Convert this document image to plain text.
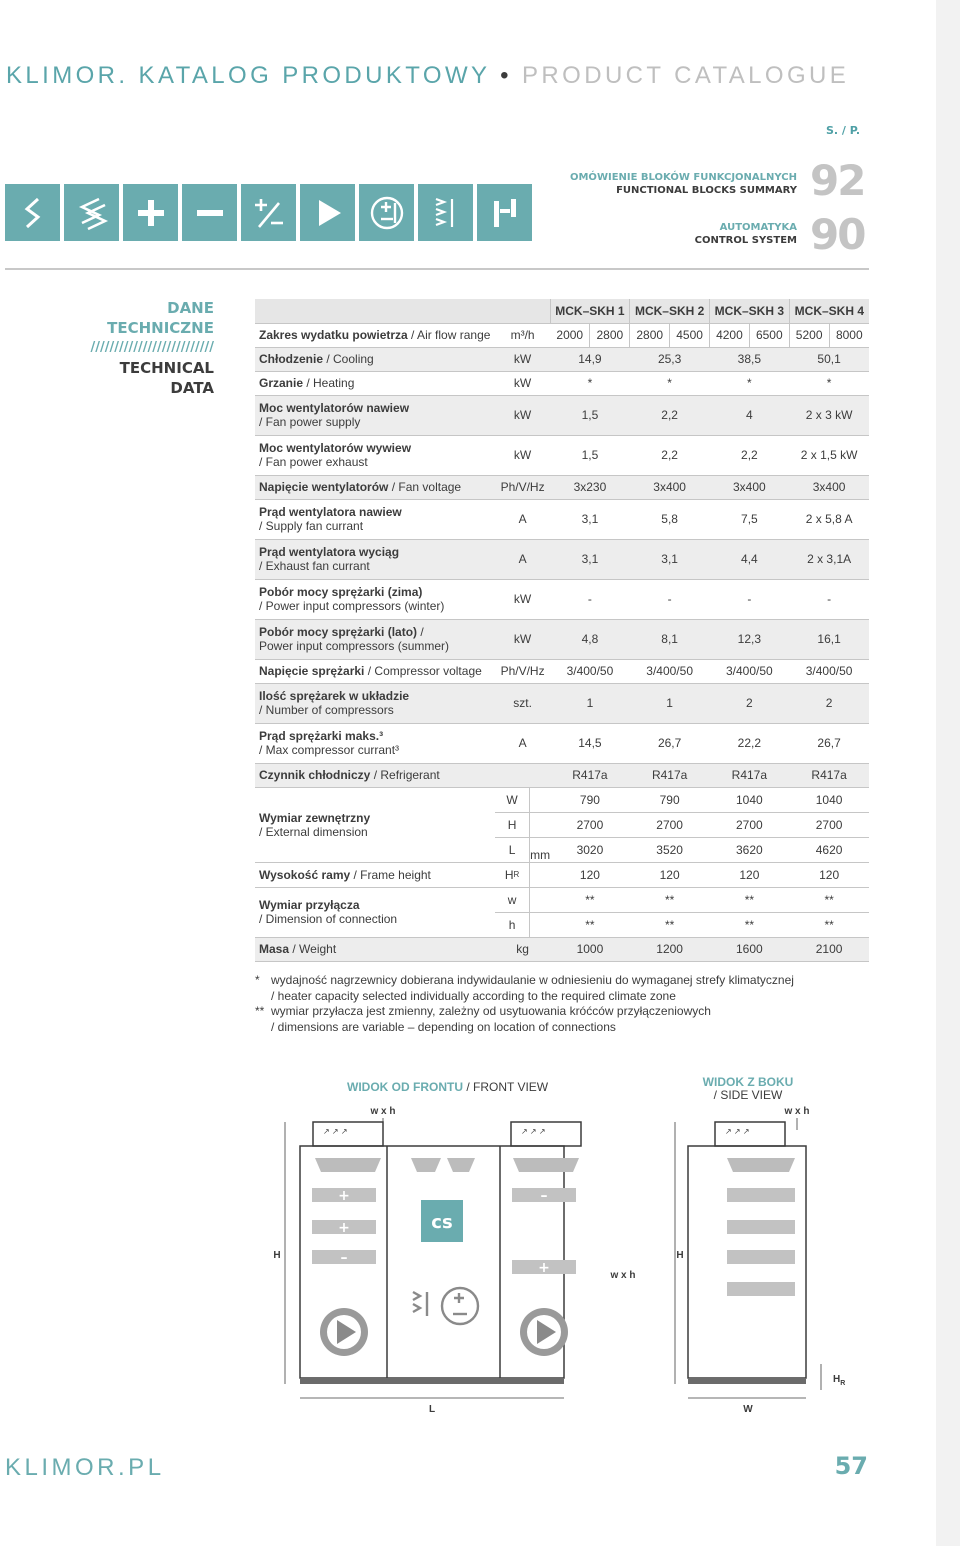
KLIMOR. KATALOG PRODUKTOWY • PRODUCT CATALOGUE
S. / P.
OMÓWIENIE BLOKÓW FUNKCJONALNYCH
FUNCTIONAL BLOCKS SUMMARY 92
AUTOMATYKA
CONTROL SYSTEM 90
DANE
TECHNICZNE
//////////////////////////
TECHNICAL
DATA
		MCK–SKH 1		MCK–SKH 2		MCK–SKH 3		MCK–SKH 4	
Zakres wydatku powietrza / Air flow range	m³/h	2000	2800	2800	4500	4200	6500	5200	8000
Chłodzenie / Cooling	kW	14,9		25,3		38,5		50,1	
Grzanie / Heating	kW	*		*		*		*	
Moc wentylatorów nawiew
/ Fan power supply	kW	1,5		2,2		4		2 x 3 kW	
Moc wentylatorów wywiew
/ Fan power exhaust	kW	1,5		2,2		2,2		2 x 1,5 kW	
Napięcie wentylatorów / Fan voltage	Ph/V/Hz	3x230		3x400		3x400		3x400	
Prąd wentylatora nawiew
/ Supply fan currant	A	3,1		5,8		7,5		2 x 5,8 A	
Prąd wentylatora wyciąg
/ Exhaust fan currant	A	3,1		3,1		4,4		2 x 3,1A	
Pobór mocy sprężarki (zima)
/ Power input compressors (winter)	kW	-		-		-		-	
Pobór mocy sprężarki (lato) /
Power input compressors (summer)	kW	4,8		8,1		12,3		16,1	
Napięcie sprężarki / Compressor voltage	Ph/V/Hz	3/400/50		3/400/50		3/400/50		3/400/50	
Ilość sprężarek w układzie
/ Number of compressors	szt.	1		1		2		2	
Prąd sprężarki maks.³
/ Max compressor currant³	A	14,5		26,7		22,2		26,7	
Czynnik chłodniczy / Refrigerant		R417a		R417a		R417a		R417a	

Wymiar zewnętrzny
/ External dimension	W	790		790		1040		1040	

H	2700		2700		2700		2700	

L mm	3020		3520		3620		4620	
Wysokość ramy / Frame height	H R	120		120		120		120	
Wymiar przyłącza
/ Dimension of connection	w	**		**		**		**	

h	**		**		**		**	
Masa / Weight	kg	1000		1200		1600		2100	
* wydajność nagrzewnicy dobierana indywidaulanie w odniesieniu do wymaganej strefy klimatycznej
/ heater capacity selected individually according to the required climate zone
** wymiar przyłacza jest zmienny, zależny od usytuowania króćców przyłączeniowych
/ dimensions are variable – depending on location of connections
WIDOK OD FRONTU / FRONT VIEW	WIDOK Z BOKU
/ SIDE VIEW
w x h	w x h
w x h
H	H
L	W
$H_R$
↗ ↗ ↗	↗ ↗ ↗	↗ ↗ ↗
+
+
–
–
+
cs
KLIMOR.PL	57
